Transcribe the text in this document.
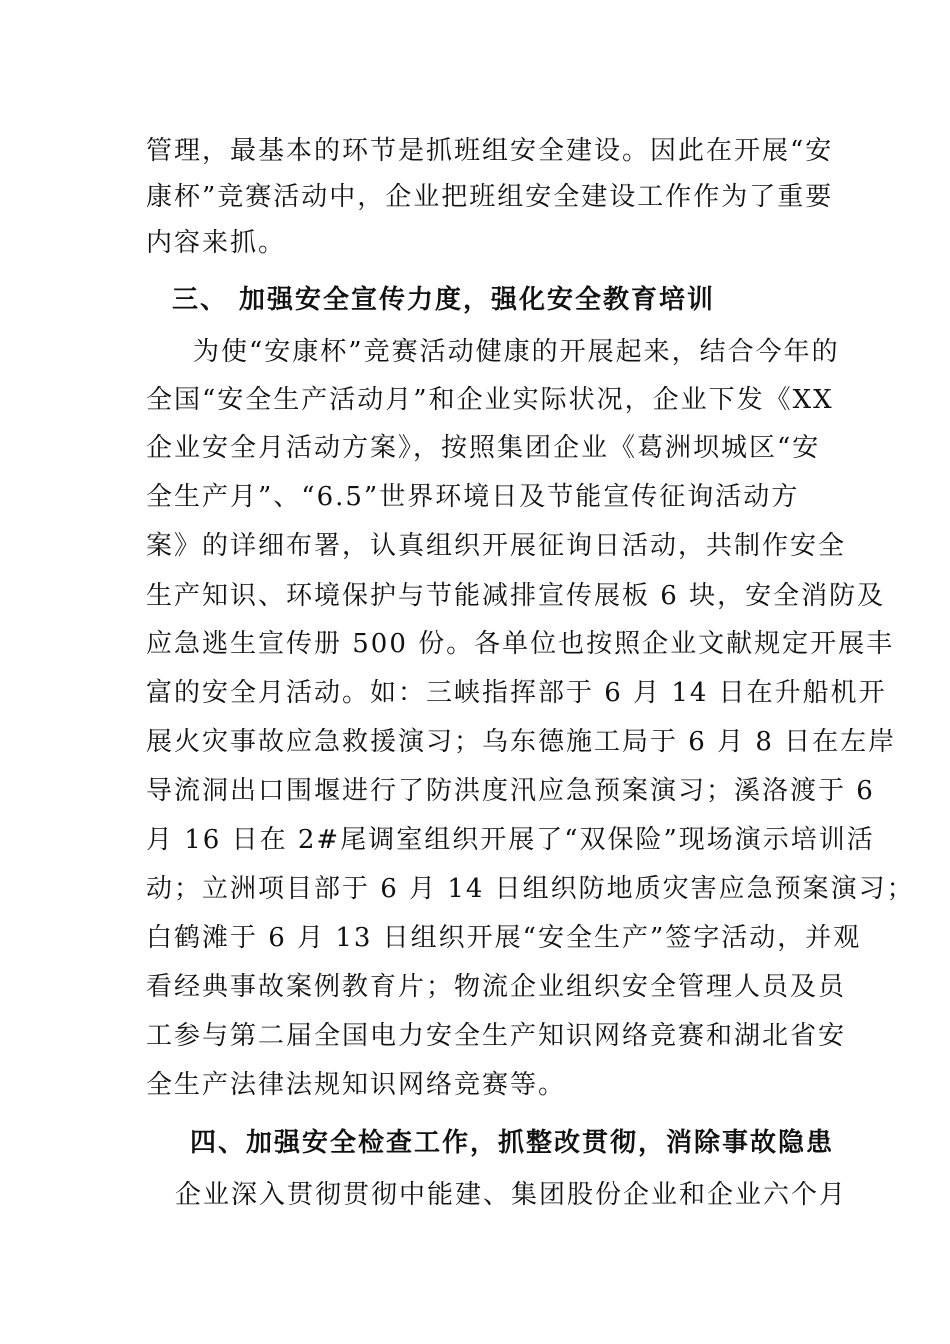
管理，最基本的环节是抓班组安全建设。因此在开展“安
康杯”竞赛活动中，企业把班组安全建设工作作为了重要
内容来抓。
三、 加强安全宣传力度，强化安全教育培训
为使“安康杯”竞赛活动健康的开展起来，结合今年的
全国“安全生产活动月”和企业实际状况，企业下发《XX
企业安全月活动方案》，按照集团企业《葛洲坝城区“安
全生产月”、“6.5”世界环境日及节能宣传征询活动方
案》的详细布署，认真组织开展征询日活动，共制作安全
生产知识、环境保护与节能减排宣传展板 6 块，安全消防及
应急逃生宣传册 500 份。各单位也按照企业文献规定开展丰
富的安全月活动。如：三峡指挥部于 6 月 14 日在升船机开
展火灾事故应急救援演习；乌东德施工局于 6 月 8 日在左岸
导流洞出口围堰进行了防洪度汛应急预案演习；溪洛渡于 6
月 16 日在 2#尾调室组织开展了“双保险”现场演示培训活
动；立洲项目部于 6 月 14 日组织防地质灾害应急预案演习；
白鹤滩于 6 月 13 日组织开展“安全生产”签字活动，并观
看经典事故案例教育片；物流企业组织安全管理人员及员
工参与第二届全国电力安全生产知识网络竞赛和湖北省安
全生产法律法规知识网络竞赛等。
四、加强安全检查工作，抓整改贯彻，消除事故隐患
企业深入贯彻贯彻中能建、集团股份企业和企业六个月
